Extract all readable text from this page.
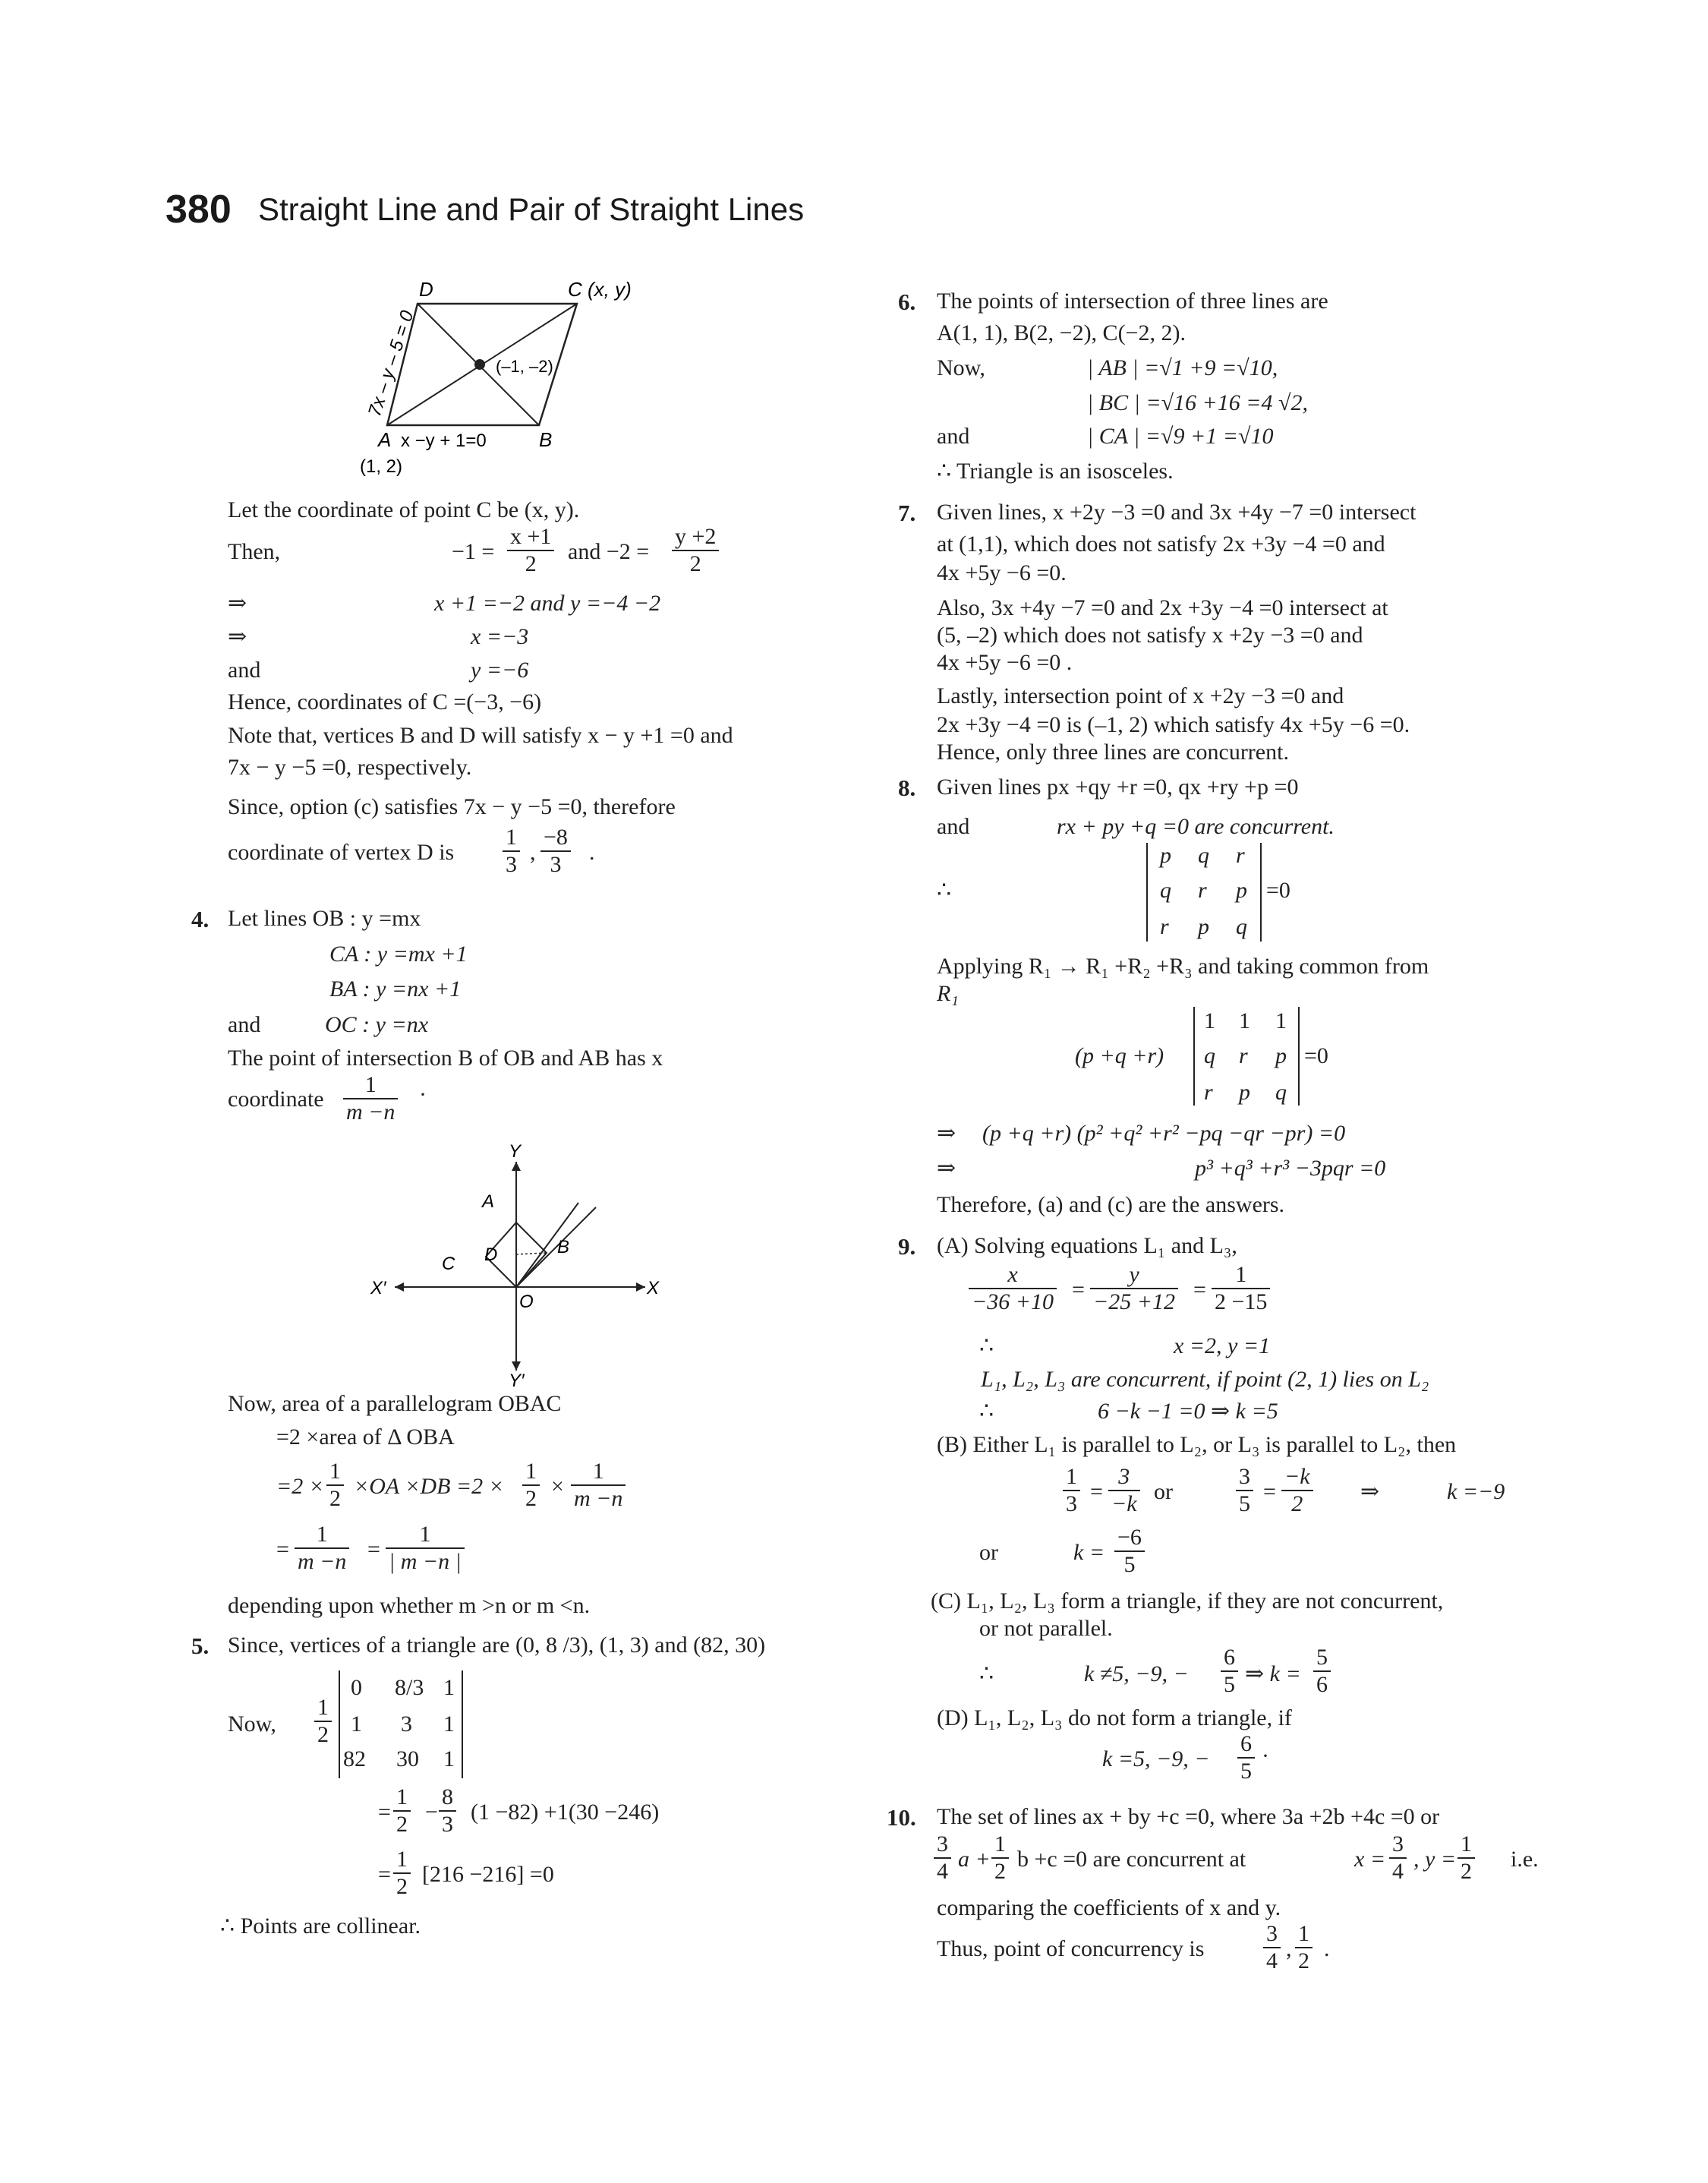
380 Straight Line and Pair of Straight Lines
D	C (x, y)
(–1, –2)
A	B
x −y + 1=0
(1, 2)
7x – y – 5 = 0
Let the coordinate of point C be (x, y).
Then,	$-1 = \frac{x +1}{2}$ and $-2 = \frac{y +2}{2}$
⇒	x +1 =−2 and y =−4 −2
⇒	x =−3
and	y =−6
Hence, coordinates of C =(−3, −6)
Note that, vertices B and D will satisfy x − y +1 =0 and
7x − y −5 =0, respectively.
Since, option (c) satisfies 7x − y −5 =0, therefore
coordinate of vertex D is $\frac{1}{3}$ , $\frac{-8}{3}$ .
4. Let lines OB : y =mx
CA : y =mx +1
BA : y =nx +1
and	OC : y =nx
The point of intersection B of OB and AB has x
coordinate $\frac{1}{m -n}$ ·
Y
Y′
X
X′
O
A
B
C D
Now, area of a parallelogram OBAC
=2 ×area of Δ OBA
$=2 \times \frac{1}{2} \times OA \times DB =2 \times \frac{1}{2} \times \frac{1}{m -n}$
= $\frac{1}{m -n} = \frac{1}{| m -n |}$
depending upon whether m >n or m <n.
5. Since, vertices of a triangle are (0, 8 /3), (1, 3) and (82, 30)
Now, $\frac{1}{2}$
0 8/3 1
1 3 1
82 30 1
= $\frac{1}{2} - \frac{8}{3} (1 -82) +1(30 -246)$
= $\frac{1}{2} [216 -216] =0$
∴ Points are collinear.
6. The points of intersection of three lines are
A(1, 1), B(2, −2), C(−2, 2).
Now,	| AB | =√1 +9 =√10,
| BC | =√16 +16 =4 √2,
and	| CA | =√9 +1 =√10
∴ Triangle is an isosceles.
7. Given lines, x +2y −3 =0 and 3x +4y −7 =0 intersect
at (1,1), which does not satisfy 2x +3y −4 =0 and
4x +5y −6 =0.
Also, 3x +4y −7 =0 and 2x +3y −4 =0 intersect at
(5, –2) which does not satisfy x +2y −3 =0 and
4x +5y −6 =0 .
Lastly, intersection point of x +2y −3 =0 and
2x +3y −4 =0 is (–1, 2) which satisfy 4x +5y −6 =0.
Hence, only three lines are concurrent.
8. Given lines px +qy +r =0, qx +ry +p =0
and	rx + py +q =0 are concurrent.
∴
p q r
q r p
r p q
=0
Applying R₁ → R₁ +R₂ +R₃ and taking common from
R₁
(p +q +r)
1 1 1
q r p
r p q
=0
⇒ (p +q +r) (p² +q² +r² −pq −qr −pr) =0
⇒	p³ +q³ +r³ −3pqr =0
Therefore, (a) and (c) are the answers.
9. (A) Solving equations L₁ and L₃,
$\frac{x}{-36 +10} = \frac{y}{-25 +12} = \frac{1}{2 -15}$
∴	x =2, y =1
L₁, L₂, L₃ are concurrent, if point (2, 1) lies on L₂
∴	6 −k −1 =0 ⇒ k =5
(B) Either L₁ is parallel to L₂, or L₃ is parallel to L₂, then
$\frac{1}{3} = \frac{3}{-k}$ or	$\frac{3}{5} = \frac{-k}{2}$ ⇒	k =−9
or	$k = \frac{-6}{5}$
(C) L₁, L₂, L₃ form a triangle, if they are not concurrent,
or not parallel.
∴	k ≠5, −9, − $\frac{6}{5}$ ⇒ $k = \frac{5}{6}$
(D) L₁, L₂, L₃ do not form a triangle, if
k =5, −9, − $\frac{6}{5}$ ·
10. The set of lines ax + by +c =0, where 3a +2b +4c =0 or
$\frac{3}{4}$ $a + \frac{1}{2}$ b +c =0 are concurrent at	$x = \frac{3}{4}$ , $y = \frac{1}{2} i.e$.
comparing the coefficients of x and y.
Thus, point of concurrency is	$\frac{3}{4}$ , $\frac{1}{2}$ .
